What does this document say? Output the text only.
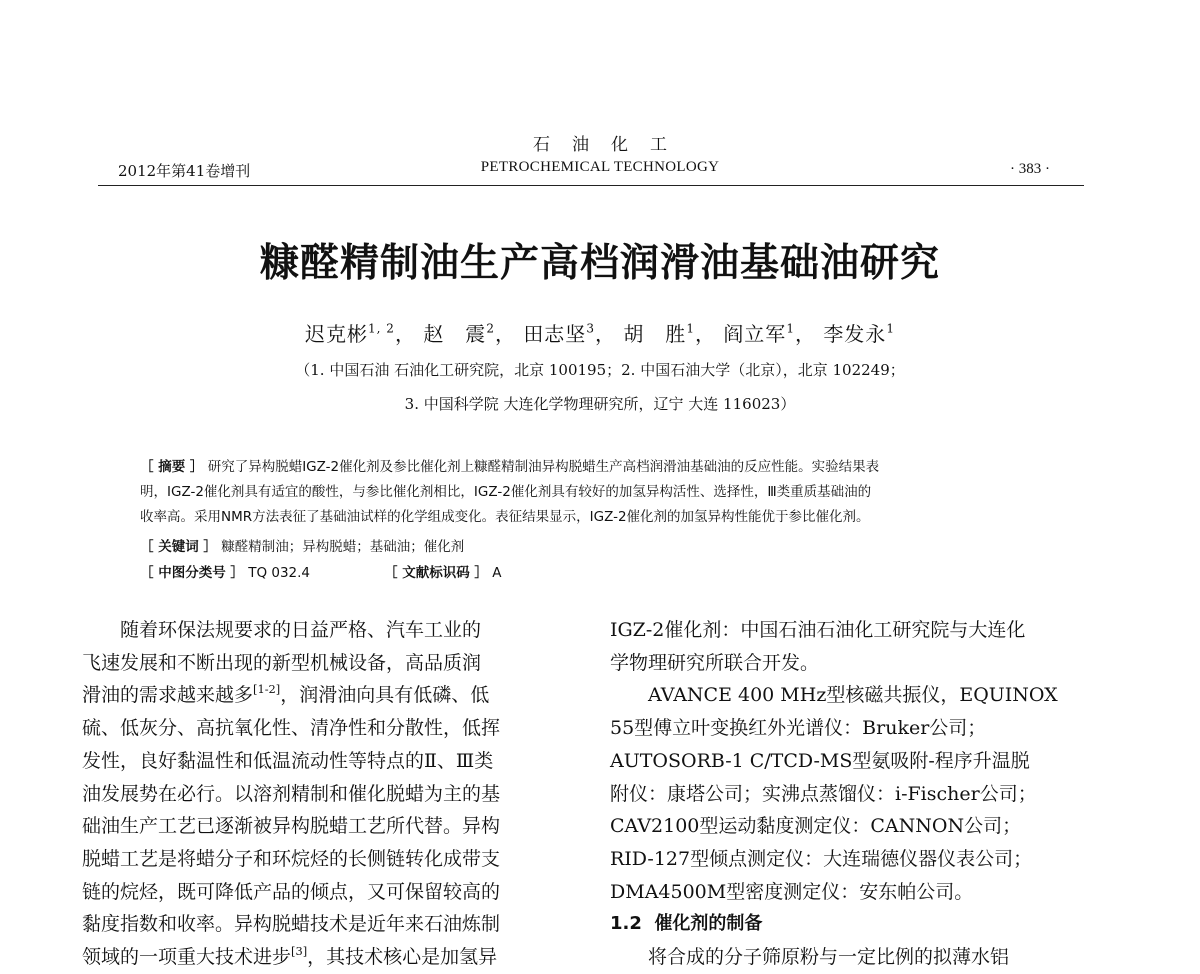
石油化工
2012年第41卷增刊	PETROCHEMICAL TECHNOLOGY	· 383 ·
糠醛精制油生产高档润滑油基础油研究
迟克彬$^{1, 2}$， 赵　震$^2$， 田志坚$^3$， 胡　胜$^1$， 阎立军$^1$， 李发永$^1$
（1. 中国石油 石油化工研究院，北京 100195；2. 中国石油大学（北京），北京 102249；
3. 中国科学院 大连化学物理研究所，辽宁 大连 116023）
［ 摘要 ］ 研究了异构脱蜡IGZ-2催化剂及参比催化剂上糠醛精制油异构脱蜡生产高档润滑油基础油的反应性能。实验结果表
明，IGZ-2催化剂具有适宜的酸性，与参比催化剂相比，IGZ-2催化剂具有较好的加氢异构活性、选择性，Ⅲ类重质基础油的
收率高。采用NMR方法表征了基础油试样的化学组成变化。表征结果显示，IGZ-2催化剂的加氢异构性能优于参比催化剂。
［ 关键词 ］ 糠醛精制油；异构脱蜡；基础油；催化剂
［ 中图分类号 ］ TQ 032.4	［ 文献标识码 ］ A

随着环保法规要求的日益严格、汽车工业的

飞速发展和不断出现的新型机械设备，高品质润

滑油的需求越来越多[1-2]，润滑油向具有低磷、低

硫、低灰分、高抗氧化性、清净性和分散性，低挥

发性，良好黏温性和低温流动性等特点的Ⅱ、Ⅲ类

油发展势在必行。以溶剂精制和催化脱蜡为主的基

础油生产工艺已逐渐被异构脱蜡工艺所代替。异构

脱蜡工艺是将蜡分子和环烷烃的长侧链转化成带支

链的烷烃，既可降低产品的倾点，又可保留较高的

黏度指数和收率。异构脱蜡技术是近年来石油炼制

领域的一项重大技术进步[3]，其技术核心是加氢异

IGZ-2催化剂：中国石油石油化工研究院与大连化

学物理研究所联合开发。

AVANCE 400 MHz型核磁共振仪，EQUINOX

55型傅立叶变换红外光谱仪：Bruker公司；

AUTOSORB-1 C/TCD-MS型氨吸附-程序升温脱

附仪：康塔公司；实沸点蒸馏仪：i-Fischer公司；

CAV2100型运动黏度测定仪：CANNON公司；

RID-127型倾点测定仪：大连瑞德仪器仪表公司；

DMA4500M型密度测定仪：安东帕公司。

1.2 催化剂的制备

将合成的分子筛原粉与一定比例的拟薄水铝
